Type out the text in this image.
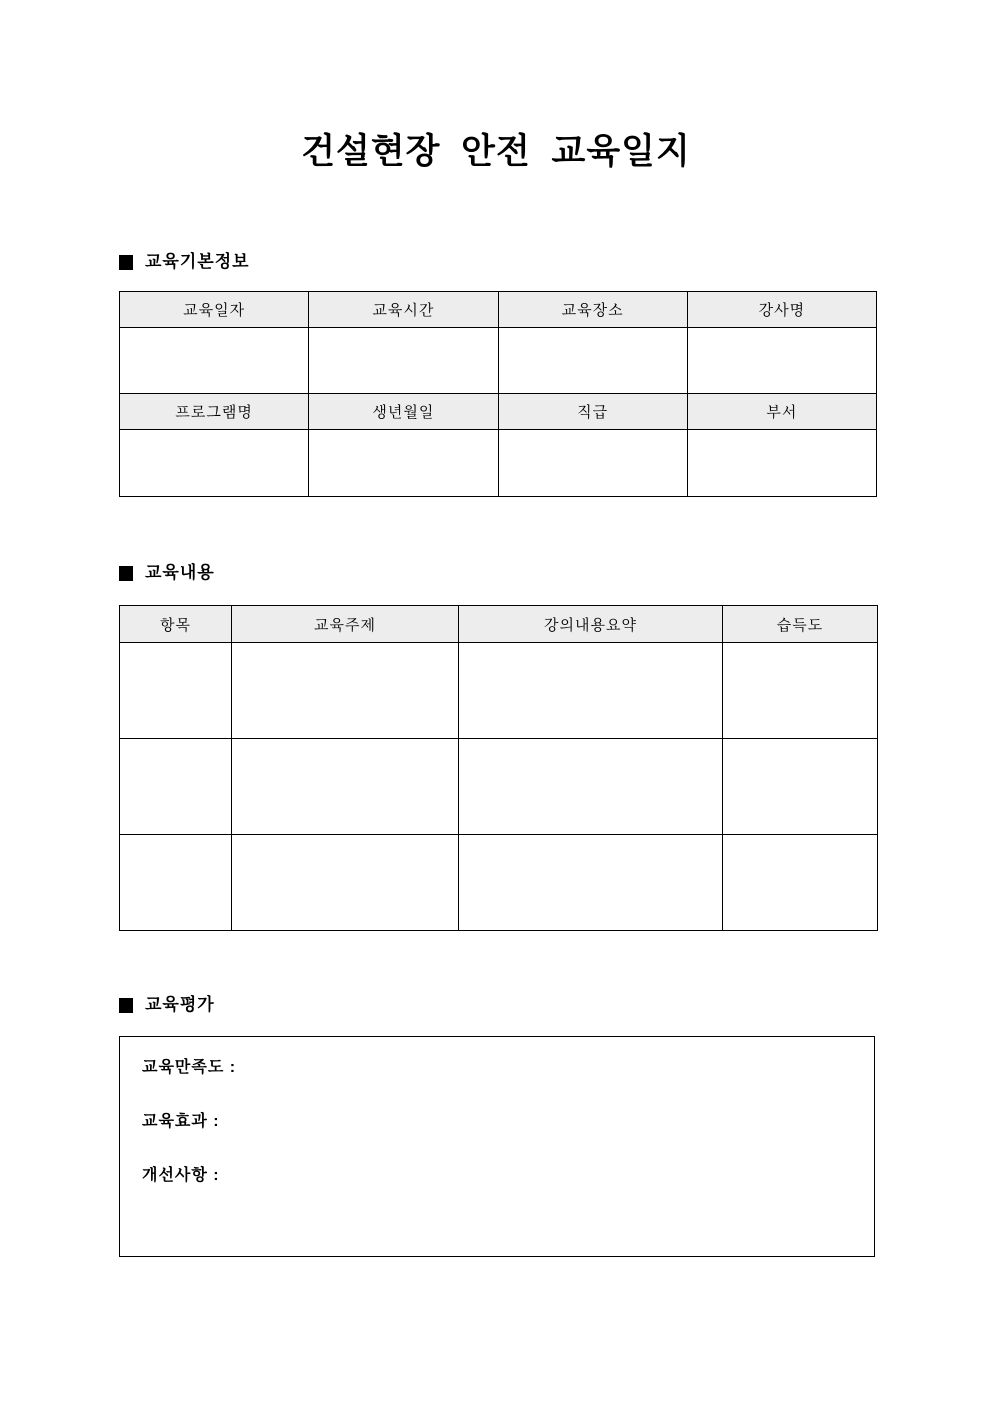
건설현장 안전 교육일지
교육기본정보
교육일자	교육시간	교육장소	강사명

프로그램명	생년월일	직급	부서

교육내용
항목	교육주제	강의내용요약	습득도

교육평가
교육만족도 :
교육효과 :
개선사항 :
